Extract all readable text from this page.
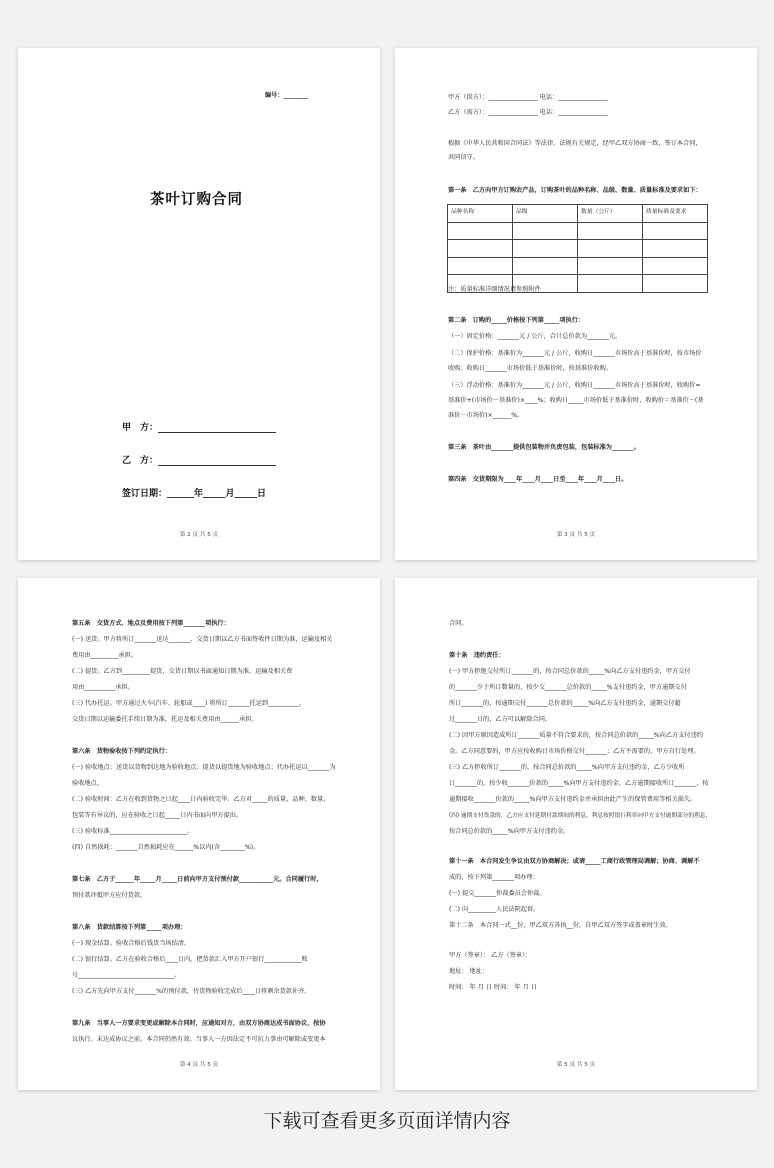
编号：________
茶叶订购合同
甲　方：
乙　方：
签订日期：______年_____月_____日
第 2 页 共 5 页
甲方（供方）：________________ 电话：________________
乙方（需方）：________________ 电话：________________
根据《中华人民共和国合同法》等法律、法规有关规定，经甲乙双方协商一致，签订本合同，
共同信守。
第一条　乙方向甲方订购农产品，订购茶叶的品种名称、品级、数量、质量标准及要求如下：
品种名称	品级	数量（公斤）	质量标准及要求

注：质量标准详细情况请参照附件
第二条　订购的_____价格按下列第_____项执行：
（一）固定价格：_______元 / 公斤，合计总价款为_______元。
（二）保护价格：基准价为_______元 / 公斤，收购日_______市场价高于基准价时，按市场价
收购；收购日_______市场价低于基准价时，按基准价收购。
（三）浮动价格：基准价为_______元 / 公斤，收购日_______市场价高于基准价时，收购价=
基准价+(市场价－基准价)×____%；收购日_____市场价低于基准价时，收购价＝基准价－(基
准价－市场价)×______%。
第三条　茶叶由_______提供包装物并负责包装，包装标准为_______。
第四条　交货期限为____年____月____日至____年____月____日。
第 3 页 共 5 页
第五条　交货方式、地点及费用按下列第_______项执行：
(一) 送货。甲方将所订_______送达_______，交货日期以乙方书面签收件日期为准，运输及相关
费用由_________承担。
(二) 提货。乙方到_________提货，交货日期以书面通知日期为准，运输及相关费
用由__________承担。
(三) 代办托运。甲方通过火车(汽车、轮船或____) 将所订_______托运到__________，
交货日期以运输委托手续日期为准，托运及相关费用由______承担。
第六条　货物验收按下列约定执行：
(一) 验收地点：送货以货物到达地为验收地点；提货以提货地为验收地点；代办托运以_______为
验收地点。
(二) 验收时间：乙方在收到货物之日起____日内验收完毕。乙方对_____的质量、品种、数量、
包装等有异议的，应在验收之日起_____日内书面向甲方提出。
(三) 验收标准_________________________。
(四) 自然损耗：_______自然损耗应在______%以内(含________%)。
第七条　乙方于______年_____月_____日前向甲方支付预付款___________元。合同履行时，
预付款冲抵甲方应付货款。
第八条　货款结算按下列第_____项办理：
(一) 现金结算。验收合格后钱货当场结清。
(二) 银行结算。乙方在验收合格后____日内，把货款汇入甲方开户银行____________账
号_______________________________。
(三) 乙方先向甲方支付_______%的预付款，待货物验收完成后____日将剩余货款补齐。
第九条　当事人一方要求变更或解除本合同时，应通知对方，由双方协商达成书面协议，按协
议执行。未达成协议之前，本合同仍然有效。当事人一方因法定不可抗力事由可解除或变更本
第 4 页 共 5 页
合同。
第十条　违约责任：
(一) 甲方拒绝交付所订_______的，按合同总价款的_____%向乙方支付违约金，甲方交付
的_______少于所订数量的，按少交_______总价款的_____%支付违约金，甲方逾期交付
所订_______的，按逾期交付_______总价款的_____%向乙方支付违约金，逾期交付超
过_______日的，乙方可以解除合同。
(二) 因甲方原因造成所订_______质量不符合要求的，按合同总价款的_____%向乙方支付违约
金。乙方同意要的，甲方应按收购日市场价格交付_______；乙方不需要的，甲方自行处理。
(三) 乙方拒收所订_______的，按合同总价款的_____%向甲方支付违约金，乙方少收所
订_______的，按少收_______价款的_____%向甲方支付违约金，乙方逾期接收所订_______，按
逾期接收_______价款的_____%向甲方支付违约金并承担由此产生的保管费用等相关损失。
(四) 逾期支付货款的，乙方应支付延期付款期间的利息，利息按照银行利率向甲方支付逾期部分的利息，
按合同总价款的_____%向甲方支付违约金。
第十一条　本合同发生争议由双方协商解决；或请_____工商行政管理局调解；协商、调解不
成的，按下列第_______项办理：
(一) 提交_______仲裁委员会仲裁。
(二) 向_________人民法院起诉。
第十二条　本合同一式__份，甲乙双方各执__份，自甲乙双方签字或盖章时生效。
甲方（签章）： 乙方（签章）：
地址： 地址：
时间： 年 月 日 时间： 年 月 日
第 5 页 共 5 页
下载可查看更多页面详情内容
